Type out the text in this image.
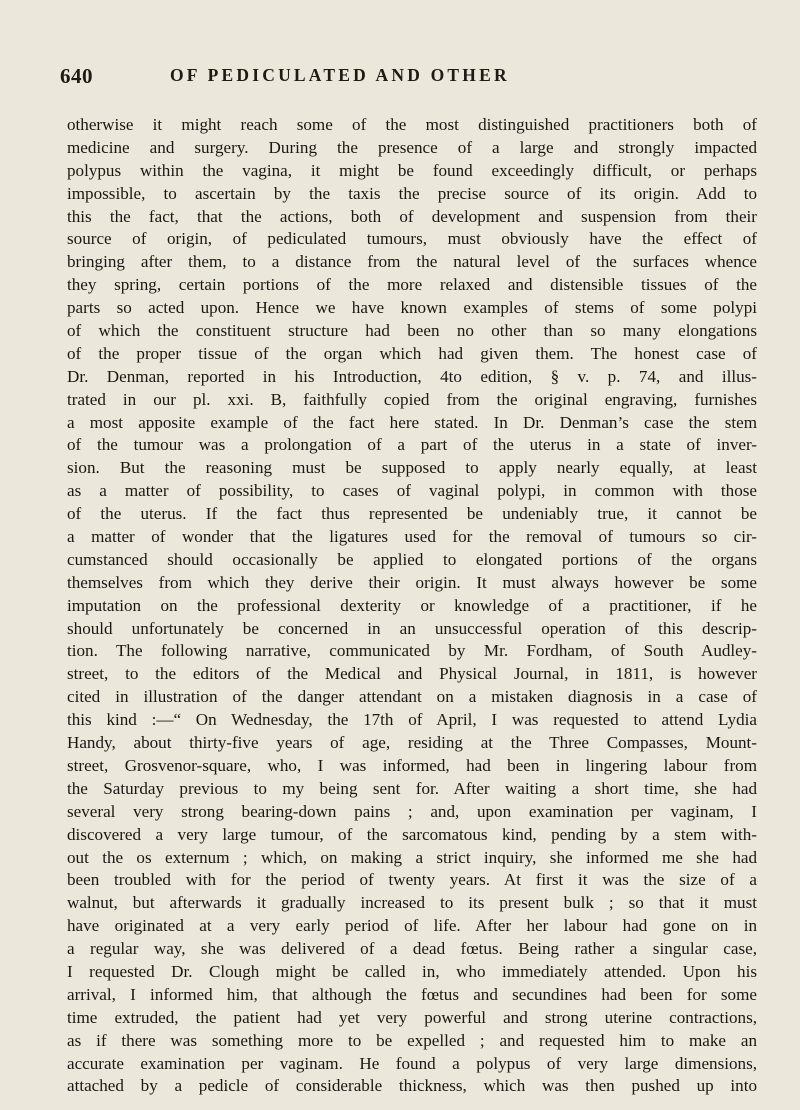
640	OF PEDICULATED AND OTHER
otherwise it might reach some of the most distinguished practitioners both of
medicine and surgery. During the presence of a large and strongly impacted
polypus within the vagina, it might be found exceedingly difficult, or perhaps
impossible, to ascertain by the taxis the precise source of its origin. Add to
this the fact, that the actions, both of development and suspension from their
source of origin, of pediculated tumours, must obviously have the effect of
bringing after them, to a distance from the natural level of the surfaces whence
they spring, certain portions of the more relaxed and distensible tissues of the
parts so acted upon. Hence we have known examples of stems of some polypi
of which the constituent structure had been no other than so many elongations
of the proper tissue of the organ which had given them. The honest case of
Dr. Denman, reported in his Introduction, 4to edition, § v. p. 74, and illus-
trated in our pl. xxi. B, faithfully copied from the original engraving, furnishes
a most apposite example of the fact here stated. In Dr. Denman’s case the stem
of the tumour was a prolongation of a part of the uterus in a state of inver-
sion. But the reasoning must be supposed to apply nearly equally, at least
as a matter of possibility, to cases of vaginal polypi, in common with those
of the uterus. If the fact thus represented be undeniably true, it cannot be
a matter of wonder that the ligatures used for the removal of tumours so cir-
cumstanced should occasionally be applied to elongated portions of the organs
themselves from which they derive their origin. It must always however be some
imputation on the professional dexterity or knowledge of a practitioner, if he
should unfortunately be concerned in an unsuccessful operation of this descrip-
tion. The following narrative, communicated by Mr. Fordham, of South Audley-
street, to the editors of the Medical and Physical Journal, in 1811, is however
cited in illustration of the danger attendant on a mistaken diagnosis in a case of
this kind :—“ On Wednesday, the 17th of April, I was requested to attend Lydia
Handy, about thirty-five years of age, residing at the Three Compasses, Mount-
street, Grosvenor-square, who, I was informed, had been in lingering labour from
the Saturday previous to my being sent for. After waiting a short time, she had
several very strong bearing-down pains ; and, upon examination per vaginam, I
discovered a very large tumour, of the sarcomatous kind, pending by a stem with-
out the os externum ; which, on making a strict inquiry, she informed me she had
been troubled with for the period of twenty years. At first it was the size of a
walnut, but afterwards it gradually increased to its present bulk ; so that it must
have originated at a very early period of life. After her labour had gone on in
a regular way, she was delivered of a dead fœtus. Being rather a singular case,
I requested Dr. Clough might be called in, who immediately attended. Upon his
arrival, I informed him, that although the fœtus and secundines had been for some
time extruded, the patient had yet very powerful and strong uterine contractions,
as if there was something more to be expelled ; and requested him to make an
accurate examination per vaginam. He found a polypus of very large dimensions,
attached by a pedicle of considerable thickness, which was then pushed up into
